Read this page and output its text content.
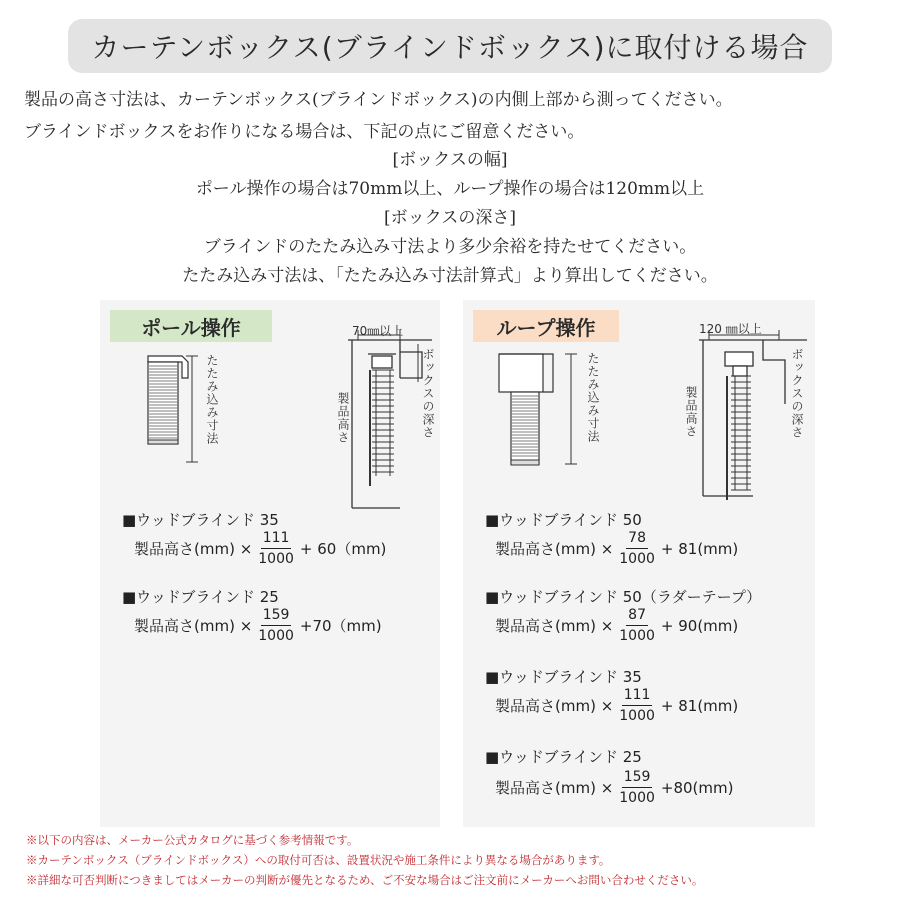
カーテンボックス(ブラインドボックス)に取付ける場合
製品の高さ寸法は、カーテンボックス(ブラインドボックス)の内側上部から測ってください。
ブラインドボックスをお作りになる場合は、下記の点にご留意ください。
[ボックスの幅]
ポール操作の場合は70mm以上、ループ操作の場合は120mm以上
[ボックスの深さ]
ブラインドのたたみ込み寸法より多少余裕を持たせてください。
たたみ込み寸法は、「たたみ込み寸法計算式」より算出してください。
ポール操作
たたみ込み寸法	製品高さ	ボックスの深さ
70㎜以上
■ウッドブラインド 35
製品高さ$(mm) \times \frac{111}{1000} + 60(mm)$
■ウッドブラインド 25
製品高さ$(mm) \times \frac{159}{1000} +70(mm)$
ループ操作
たたみ込み寸法	製品高さ	ボックスの深さ
120 ㎜以上
■ウッドブラインド 50
製品高さ$(mm) \times \frac{78}{1000} + 81(mm)$
■ウッドブラインド 50（ラダーテープ）
製品高さ$(mm) \times \frac{87}{1000} + 90(mm)$
■ウッドブラインド 35
製品高さ$(mm) \times \frac{111}{1000} + 81(mm)$
■ウッドブラインド 25
製品高さ$(mm) \times \frac{159}{1000} +80(mm)$
※以下の内容は、メーカー公式カタログに基づく参考情報です。
※カーテンボックス（ブラインドボックス）への取付可否は、設置状況や施工条件により異なる場合があります。
※詳細な可否判断につきましてはメーカーの判断が優先となるため、ご不安な場合はご注文前にメーカーへお問い合わせください。
